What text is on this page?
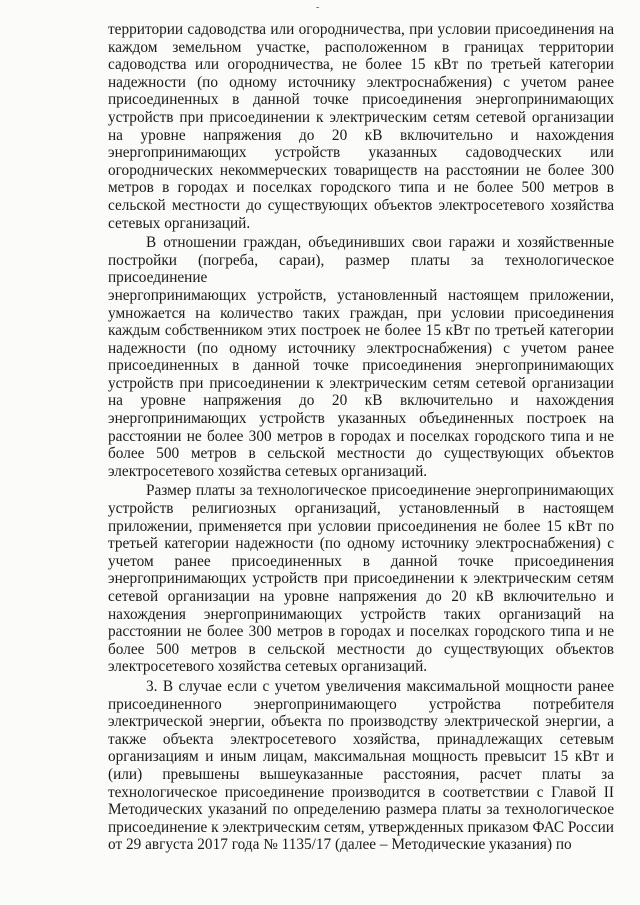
-
территории садоводства или огородничества, при условии присоединения на
каждом земельном участке, расположенном в границах территории
садоводства или огородничества, не более 15 кВт по третьей категории
надежности (по одному источнику электроснабжения) с учетом ранее
присоединенных в данной точке присоединения энергопринимающих
устройств при присоединении к электрическим сетям сетевой организации
на уровне напряжения до 20 кВ включительно и нахождения
энергопринимающих устройств указанных садоводческих или
огороднических некоммерческих товариществ на расстоянии не более 300
метров в городах и поселках городского типа и не более 500 метров в
сельской местности до существующих объектов электросетевого хозяйства
сетевых организаций.
В отношении граждан, объединивших свои гаражи и хозяйственные
постройки (погреба, сараи), размер платы за технологическое присоединение
энергопринимающих устройств, установленный настоящем приложении,
умножается на количество таких граждан, при условии присоединения
каждым собственником этих построек не более 15 кВт по третьей категории
надежности (по одному источнику электроснабжения) с учетом ранее
присоединенных в данной точке присоединения энергопринимающих
устройств при присоединении к электрическим сетям сетевой организации
на уровне напряжения до 20 кВ включительно и нахождения
энергопринимающих устройств указанных объединенных построек на
расстоянии не более 300 метров в городах и поселках городского типа и не
более 500 метров в сельской местности до существующих объектов
электросетевого хозяйства сетевых организаций.
Размер платы за технологическое присоединение энергопринимающих
устройств религиозных организаций, установленный в настоящем
приложении, применяется при условии присоединения не более 15 кВт по
третьей категории надежности (по одному источнику электроснабжения) с
учетом ранее присоединенных в данной точке присоединения
энергопринимающих устройств при присоединении к электрическим сетям
сетевой организации на уровне напряжения до 20 кВ включительно и
нахождения энергопринимающих устройств таких организаций на
расстоянии не более 300 метров в городах и поселках городского типа и не
более 500 метров в сельской местности до существующих объектов
электросетевого хозяйства сетевых организаций.
3. В случае если с учетом увеличения максимальной мощности ранее
присоединенного энергопринимающего устройства потребителя
электрической энергии, объекта по производству электрической энергии, а
также объекта электросетевого хозяйства, принадлежащих сетевым
организациям и иным лицам, максимальная мощность превысит 15 кВт и
(или) превышены вышеуказанные расстояния, расчет платы за
технологическое присоединение производится в соответствии с Главой II
Методических указаний по определению размера платы за технологическое
присоединение к электрическим сетям, утвержденных приказом ФАС России
от 29 августа 2017 года № 1135/17 (далее – Методические указания) по
